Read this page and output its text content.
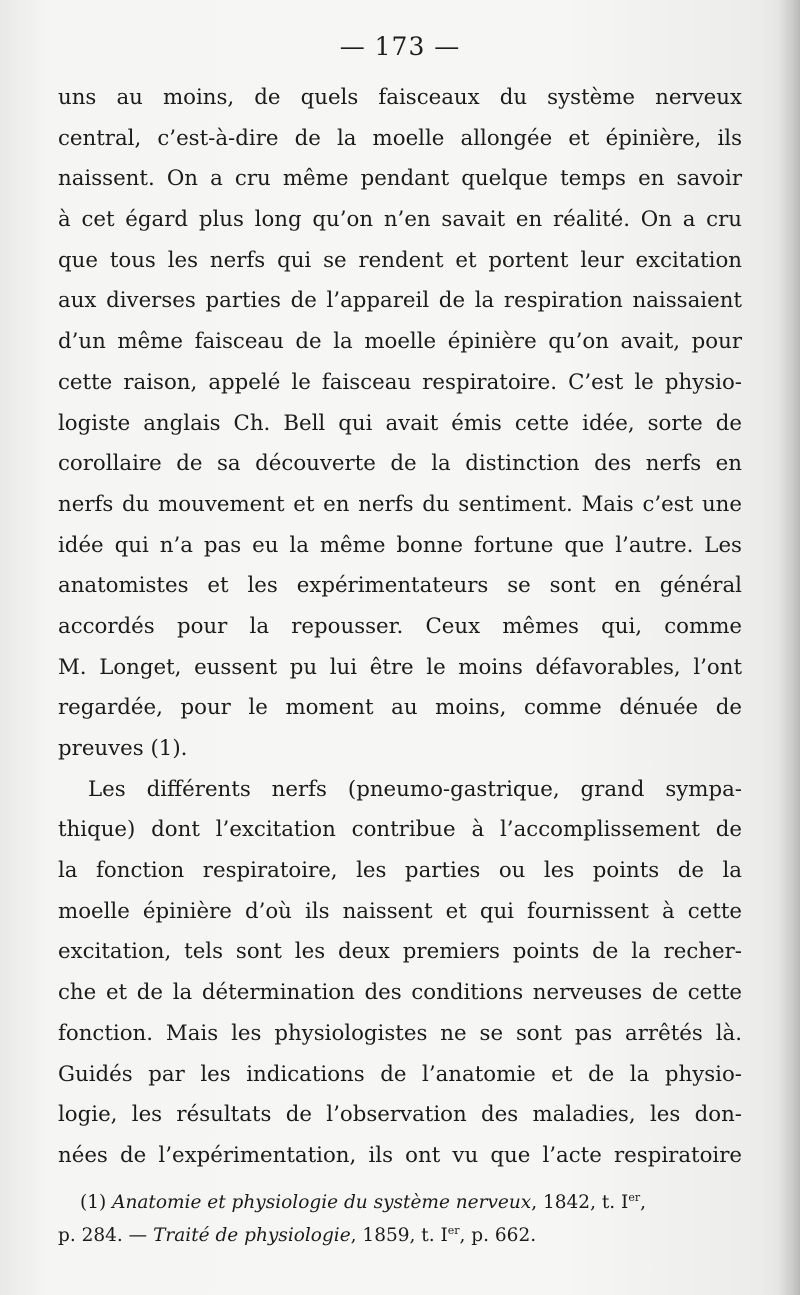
— 173 —
uns au moins, de quels faisceaux du système nerveux
central, c’est-à-dire de la moelle allongée et épinière, ils
naissent. On a cru même pendant quelque temps en savoir
à cet égard plus long qu’on n’en savait en réalité. On a cru
que tous les nerfs qui se rendent et portent leur excitation
aux diverses parties de l’appareil de la respiration naissaient
d’un même faisceau de la moelle épinière qu’on avait, pour
cette raison, appelé le faisceau respiratoire. C’est le physio-
logiste anglais Ch. Bell qui avait émis cette idée, sorte de
corollaire de sa découverte de la distinction des nerfs en
nerfs du mouvement et en nerfs du sentiment. Mais c’est une
idée qui n’a pas eu la même bonne fortune que l’autre. Les
anatomistes et les expérimentateurs se sont en général
accordés pour la repousser. Ceux mêmes qui, comme
M. Longet, eussent pu lui être le moins défavorables, l’ont
regardée, pour le moment au moins, comme dénuée de
preuves (1).
Les différents nerfs (pneumo-gastrique, grand sympa-
thique) dont l’excitation contribue à l’accomplissement de
la fonction respiratoire, les parties ou les points de la
moelle épinière d’où ils naissent et qui fournissent à cette
excitation, tels sont les deux premiers points de la recher-
che et de la détermination des conditions nerveuses de cette
fonction. Mais les physiologistes ne se sont pas arrêtés là.
Guidés par les indications de l’anatomie et de la physio-
logie, les résultats de l’observation des maladies, les don-
nées de l’expérimentation, ils ont vu que l’acte respiratoire
(1) Anatomie et physiologie du système nerveux, 1842, t. Ier,
p. 284. — Traité de physiologie, 1859, t. Ier, p. 662.
